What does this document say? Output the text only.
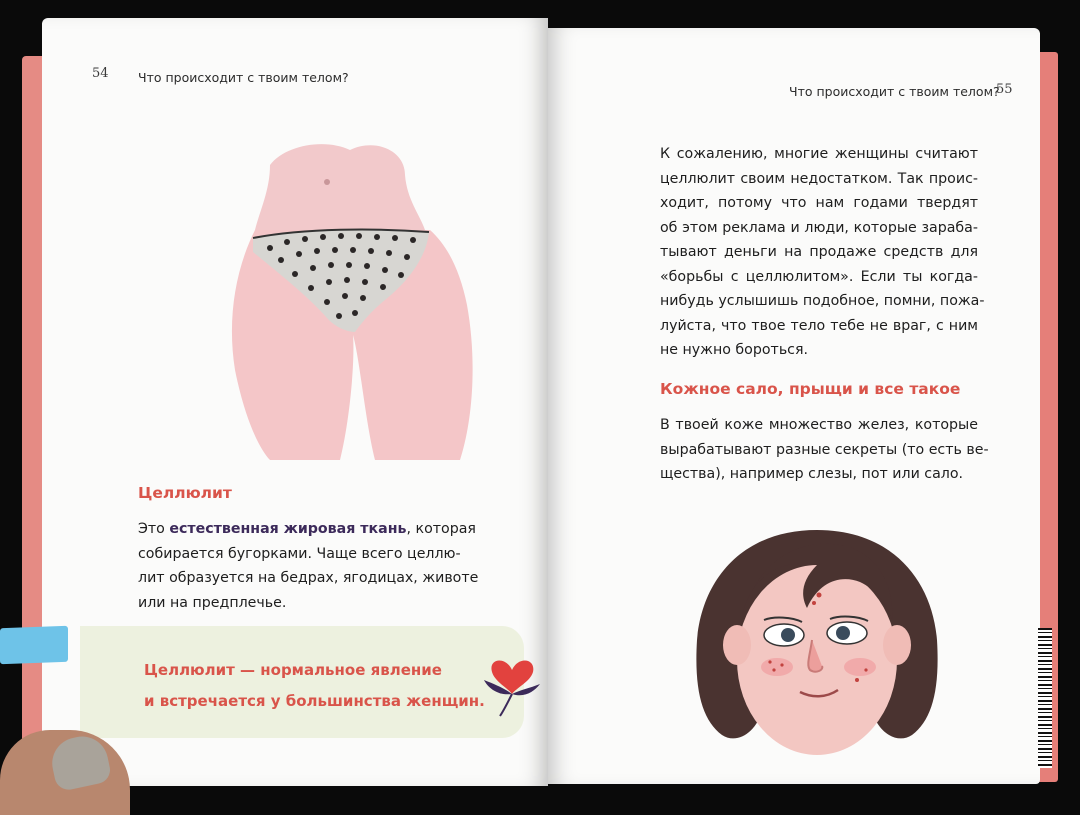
54 Что происходит с твоим телом?
Целлюлит
Это естественная жировая ткань, которая
собирается бугорками. Чаще всего целлю-
лит образуется на бедрах, ягодицах, животе
или на предплечье.
Целлюлит — нормальное явление
и встречается у большинства женщин.
Что происходит с твоим телом?
55
К сожалению, многие женщины считают
целлюлит своим недостатком. Так проис-
ходит, потому что нам годами твердят
об этом реклама и люди, которые зараба-
тывают деньги на продаже средств для
«борьбы с целлюлитом». Если ты когда-
нибудь услышишь подобное, помни, пожа-
луйста, что твое тело тебе не враг, с ним
не нужно бороться.
Кожное сало, прыщи и все такое
В твоей коже множество желез, которые
вырабатывают разные секреты (то есть ве-
щества), например слезы, пот или сало.
